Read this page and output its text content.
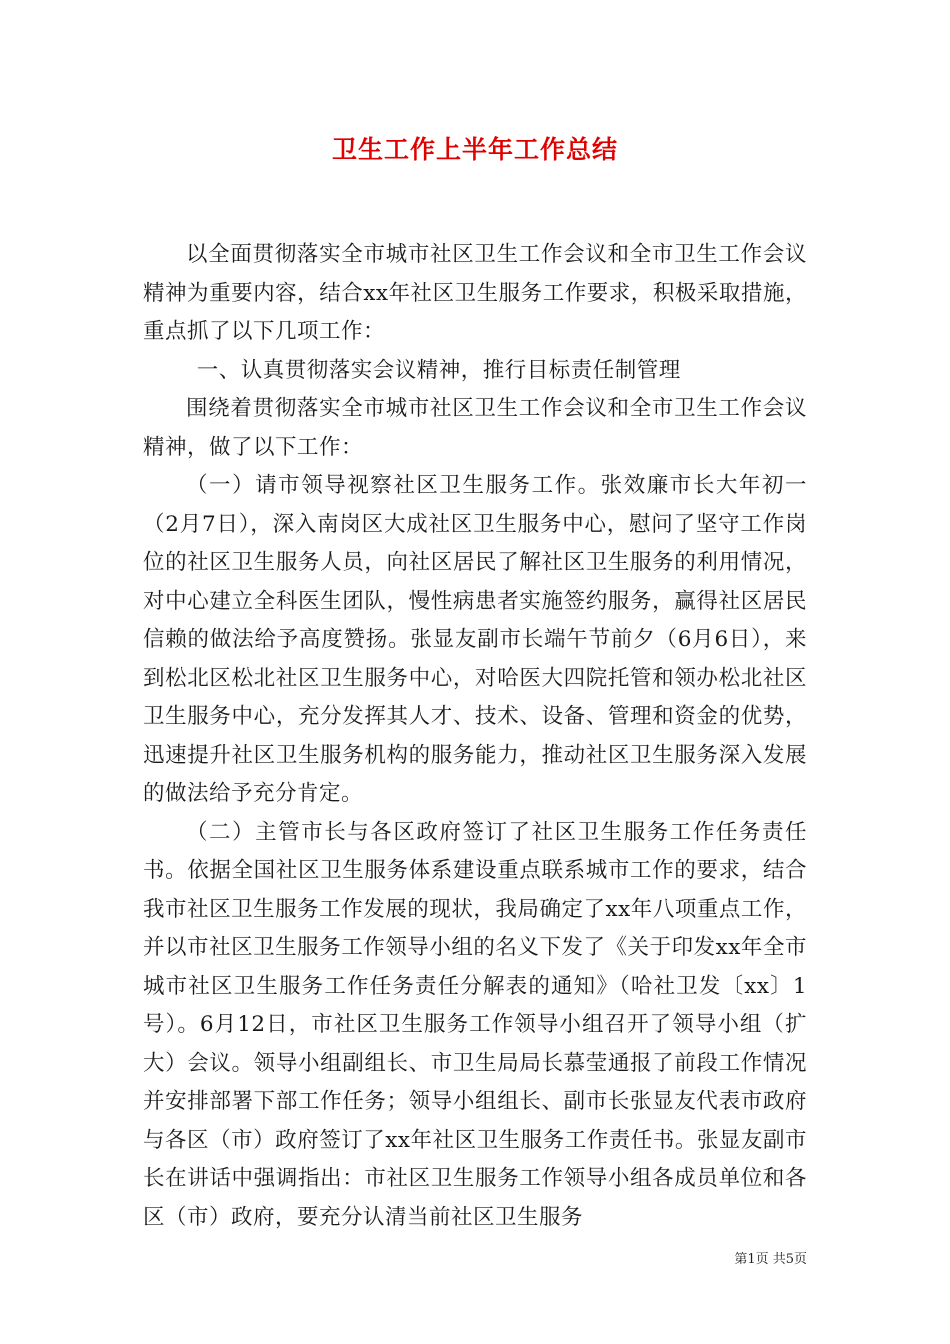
卫生工作上半年工作总结

以全面贯彻落实全市城市社区卫生工作会议和全市卫生工作会议精神为重要内容，结合xx年社区卫生服务工作要求，积极采取措施，重点抓了以下几项工作：

一、认真贯彻落实会议精神，推行目标责任制管理

围绕着贯彻落实全市城市社区卫生工作会议和全市卫生工作会议精神，做了以下工作：

（一）请市领导视察社区卫生服务工作。张效廉市长大年初一（2月7日），深入南岗区大成社区卫生服务中心，慰问了坚守工作岗位的社区卫生服务人员，向社区居民了解社区卫生服务的利用情况，对中心建立全科医生团队，慢性病患者实施签约服务，赢得社区居民信赖的做法给予高度赞扬。张显友副市长端午节前夕（6月6日），来到松北区松北社区卫生服务中心，对哈医大四院托管和领办松北社区卫生服务中心，充分发挥其人才、技术、设备、管理和资金的优势，迅速提升社区卫生服务机构的服务能力，推动社区卫生服务深入发展的做法给予充分肯定。

（二）主管市长与各区政府签订了社区卫生服务工作任务责任书。依据全国社区卫生服务体系建设重点联系城市工作的要求，结合我市社区卫生服务工作发展的现状，我局确定了xx年八项重点工作，并以市社区卫生服务工作领导小组的名义下发了《关于印发xx年全市城市社区卫生服务工作任务责任分解表的通知》（哈社卫发〔xx〕1号）。6月12日，市社区卫生服务工作领导小组召开了领导小组（扩大）会议。领导小组副组长、市卫生局局长慕莹通报了前段工作情况并安排部署下部工作任务；领导小组组长、副市长张显友代表市政府与各区（市）政府签订了xx年社区卫生服务工作责任书。张显友副市长在讲话中强调指出：市社区卫生服务工作领导小组各成员单位和各区（市）政府，要充分认清当前社区卫生服务

第1页 共5页
